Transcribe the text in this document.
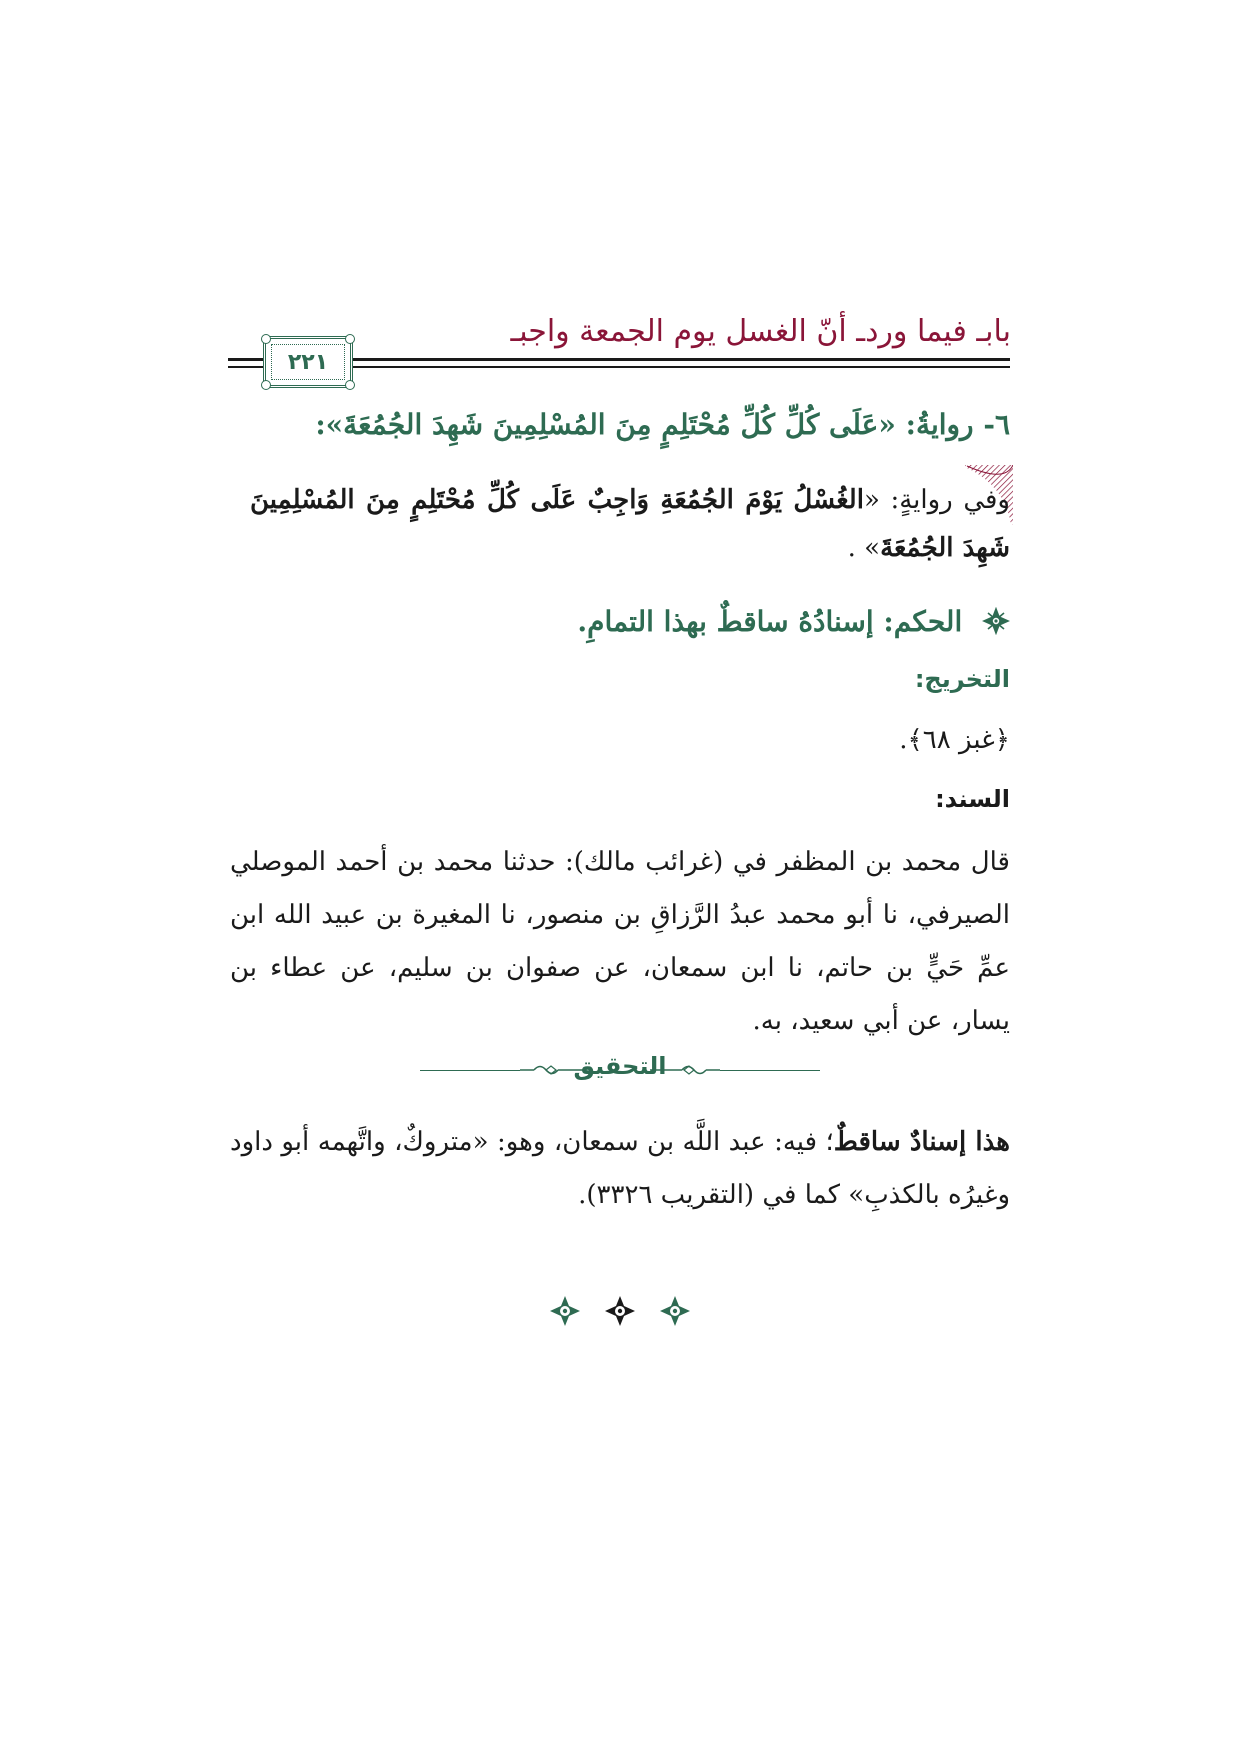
بابـ فيما وردـ أنّ الغسل يوم الجمعة واجبـ
٢٢١
٦- روايةُ: «عَلَى كُلِّ كُلِّ مُحْتَلِمٍ مِنَ المُسْلِمِينَ شَهِدَ الجُمُعَةَ»:
وفي روايةٍ: «الغُسْلُ يَوْمَ الجُمُعَةِ وَاجِبٌ عَلَى كُلِّ مُحْتَلِمٍ مِنَ المُسْلِمِينَ شَهِدَ الجُمُعَةَ» .
الحكم: إسنادُهُ ساقطٌ بهذا التمامِ.
التخريج:
﴿غبز ٦٨﴾.
السند:
قال محمد بن المظفر في (غرائب مالك): حدثنا محمد بن أحمد الموصلي الصيرفي، نا أبو محمد عبدُ الرَّزاقِ بن منصور، نا المغيرة بن عبيد الله ابن عمِّ حَيٍّ بن حاتم، نا ابن سمعان، عن صفوان بن سليم، عن عطاء بن يسار، عن أبي سعيد، به.
التحقيق
هذا إسنادٌ ساقطٌ؛ فيه: عبد اللَّه بن سمعان، وهو: «متروكٌ، واتَّهمه أبو داود وغيرُه بالكذبِ» كما في (التقريب ٣٣٢٦).
